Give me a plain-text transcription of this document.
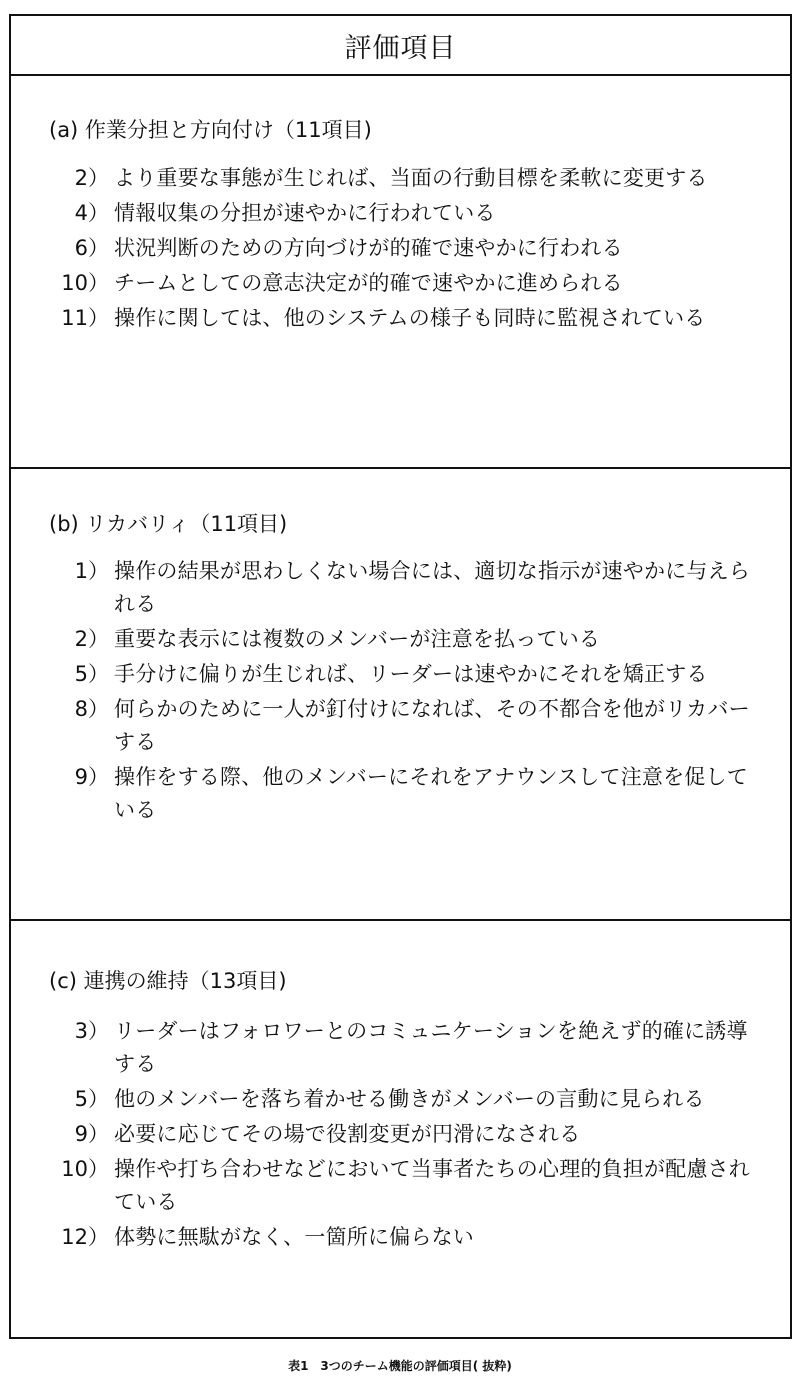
評価項目
(a) 作業分担と方向付け（11項目)
2） より重要な事態が生じれば、当面の行動目標を柔軟に変更する
4） 情報収集の分担が速やかに行われている
6） 状況判断のための方向づけが的確で速やかに行われる
10） チームとしての意志決定が的確で速やかに進められる
11） 操作に関しては、他のシステムの様子も同時に監視されている
(b) リカバリィ（11項目)
1） 操作の結果が思わしくない場合には、適切な指示が速やかに与えられる
2） 重要な表示には複数のメンバーが注意を払っている
5） 手分けに偏りが生じれば、リーダーは速やかにそれを矯正する
8） 何らかのために一人が釘付けになれば、その不都合を他がリカバーする
9） 操作をする際、他のメンバーにそれをアナウンスして注意を促している
(c) 連携の維持（13項目)
3） リーダーはフォロワーとのコミュニケーションを絶えず的確に誘導する
5） 他のメンバーを落ち着かせる働きがメンバーの言動に見られる
9） 必要に応じてその場で役割変更が円滑になされる
10） 操作や打ち合わせなどにおいて当事者たちの心理的負担が配慮されている
12） 体勢に無駄がなく、一箇所に偏らない
表1　3つのチーム機能の評価項目( 抜粋)
